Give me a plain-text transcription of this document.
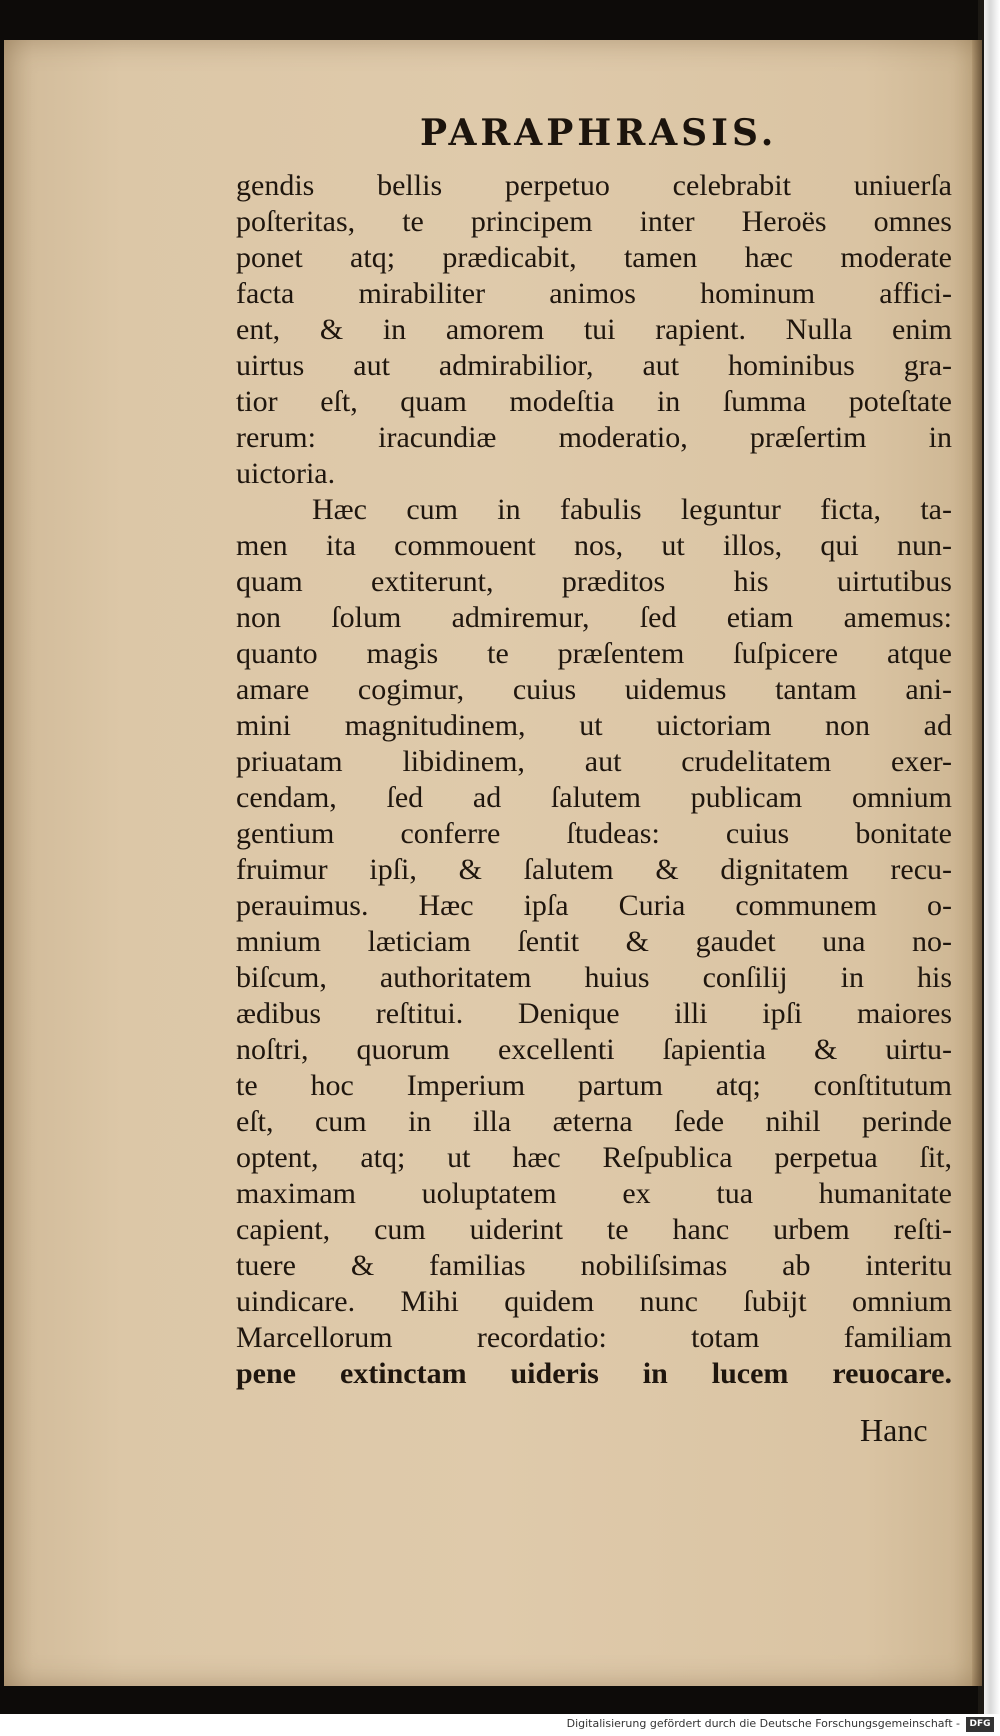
PARAPHRASIS.
gendis bellis perpetuo celebrabit uniuerſa
poſteritas, te principem inter Heroës omnes
ponet atq; prædicabit, tamen hæc moderate
facta mirabiliter animos hominum affici-
ent, & in amorem tui rapient. Nulla enim
uirtus aut admirabilior, aut hominibus gra-
tior eſt, quam modeſtia in ſumma poteſtate
rerum: iracundiæ moderatio, præſertim in
uictoria.
Hæc cum in fabulis leguntur ficta, ta-
men ita commouent nos, ut illos, qui nun-
quam extiterunt, præditos his uirtutibus
non ſolum admiremur, ſed etiam amemus:
quanto magis te præſentem ſuſpicere atque
amare cogimur, cuius uidemus tantam ani-
mini magnitudinem, ut uictoriam non ad
priuatam libidinem, aut crudelitatem exer-
cendam, ſed ad ſalutem publicam omnium
gentium conferre ſtudeas: cuius bonitate
fruimur ipſi, & ſalutem & dignitatem recu-
perauimus. Hæc ipſa Curia communem o-
mnium læticiam ſentit & gaudet una no-
biſcum, authoritatem huius conſilij in his
ædibus reſtitui. Denique illi ipſi maiores
noſtri, quorum excellenti ſapientia & uirtu-
te hoc Imperium partum atq; conſtitutum
eſt, cum in illa æterna ſede nihil perinde
optent, atq; ut hæc Reſpublica perpetua ſit,
maximam uoluptatem ex tua humanitate
capient, cum uiderint te hanc urbem reſti-
tuere & familias nobiliſsimas ab interitu
uindicare. Mihi quidem nunc ſubijt omnium
Marcellorum recordatio: totam familiam
pene extinctam uideris in lucem reuocare.
Hanc
Digitalisierung gefördert durch die Deutsche Forschungsgemeinschaft -	DFG
